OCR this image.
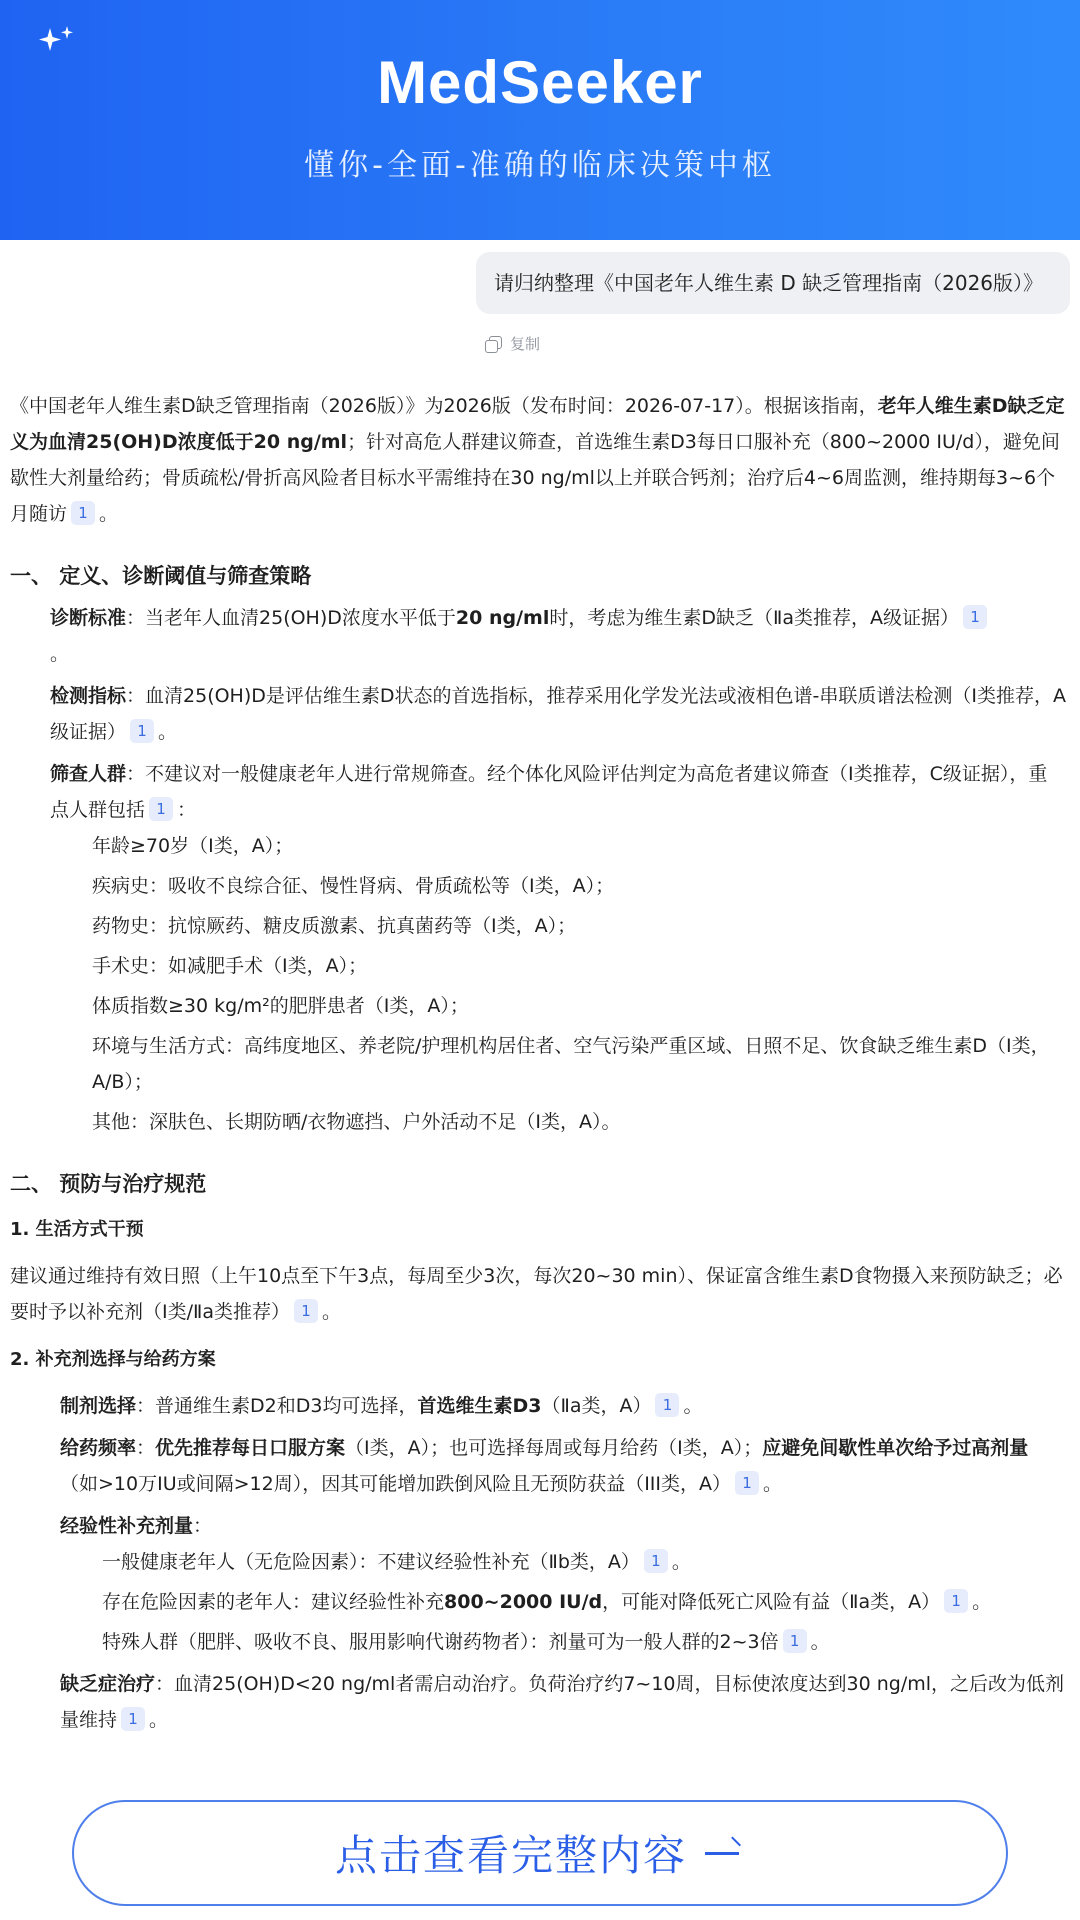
MedSeeker
懂你-全面-准确的临床决策中枢
请归纳整理《中国老年人维生素 D 缺乏管理指南（2026版）》
复制

《中国老年人维生素D缺乏管理指南（2026版）》为2026版（发布时间：2026-07-17）。根据该指南，老年人维生素D缺乏定义为血清25(OH)D浓度低于20 ng/ml；针对高危人群建议筛查，首选维生素D3每日口服补充（800~2000 IU/d），避免间歇性大剂量给药；骨质疏松/骨折高风险者目标水平需维持在30 ng/ml以上并联合钙剂；治疗后4~6周监测，维持期每3~6个月随访 1 。

一、 定义、诊断阈值与筛查策略

诊断标准：当老年人血清25(OH)D浓度水平低于20 ng/ml时，考虑为维生素D缺乏（Ⅱa类推荐，A级证据） 1
。

检测指标：血清25(OH)D是评估维生素D状态的首选指标，推荐采用化学发光法或液相色谱-串联质谱法检测（Ⅰ类推荐，A级证据） 1 。

筛查人群：不建议对一般健康老年人进行常规筛查。经个体化风险评估判定为高危者建议筛查（Ⅰ类推荐，C级证据），重点人群包括 1 ：

年龄≥70岁（Ⅰ类，A）；
疾病史：吸收不良综合征、慢性肾病、骨质疏松等（Ⅰ类，A）；
药物史：抗惊厥药、糖皮质激素、抗真菌药等（Ⅰ类，A）；
手术史：如减肥手术（Ⅰ类，A）；
体质指数≥30 kg/m²的肥胖患者（Ⅰ类，A）；
环境与生活方式：高纬度地区、养老院/护理机构居住者、空气污染严重区域、日照不足、饮食缺乏维生素D（Ⅰ类，A/B）；
其他：深肤色、长期防晒/衣物遮挡、户外活动不足（Ⅰ类，A）。
二、 预防与治疗规范
1. 生活方式干预

建议通过维持有效日照（上午10点至下午3点，每周至少3次，每次20~30 min）、保证富含维生素D食物摄入来预防缺乏；必要时予以补充剂（Ⅰ类/Ⅱa类推荐） 1 。

2. 补充剂选择与给药方案

制剂选择：普通维生素D2和D3均可选择，首选维生素D3（Ⅱa类，A） 1 。

给药频率：优先推荐每日口服方案（Ⅰ类，A）；也可选择每周或每月给药（Ⅰ类，A）；应避免间歇性单次给予过高剂量（如>10万IU或间隔>12周），因其可能增加跌倒风险且无预防获益（III类，A） 1 。

经验性补充剂量：

一般健康老年人（无危险因素）：不建议经验性补充（Ⅱb类，A） 1 。
存在危险因素的老年人：建议经验性补充800~2000 IU/d，可能对降低死亡风险有益（Ⅱa类，A） 1 。
特殊人群（肥胖、吸收不良、服用影响代谢药物者）：剂量可为一般人群的2~3倍 1 。

缺乏症治疗：血清25(OH)D<20 ng/ml者需启动治疗。负荷治疗约7~10周，目标使浓度达到30 ng/ml，之后改为低剂量维持 1 。

点击查看完整内容
